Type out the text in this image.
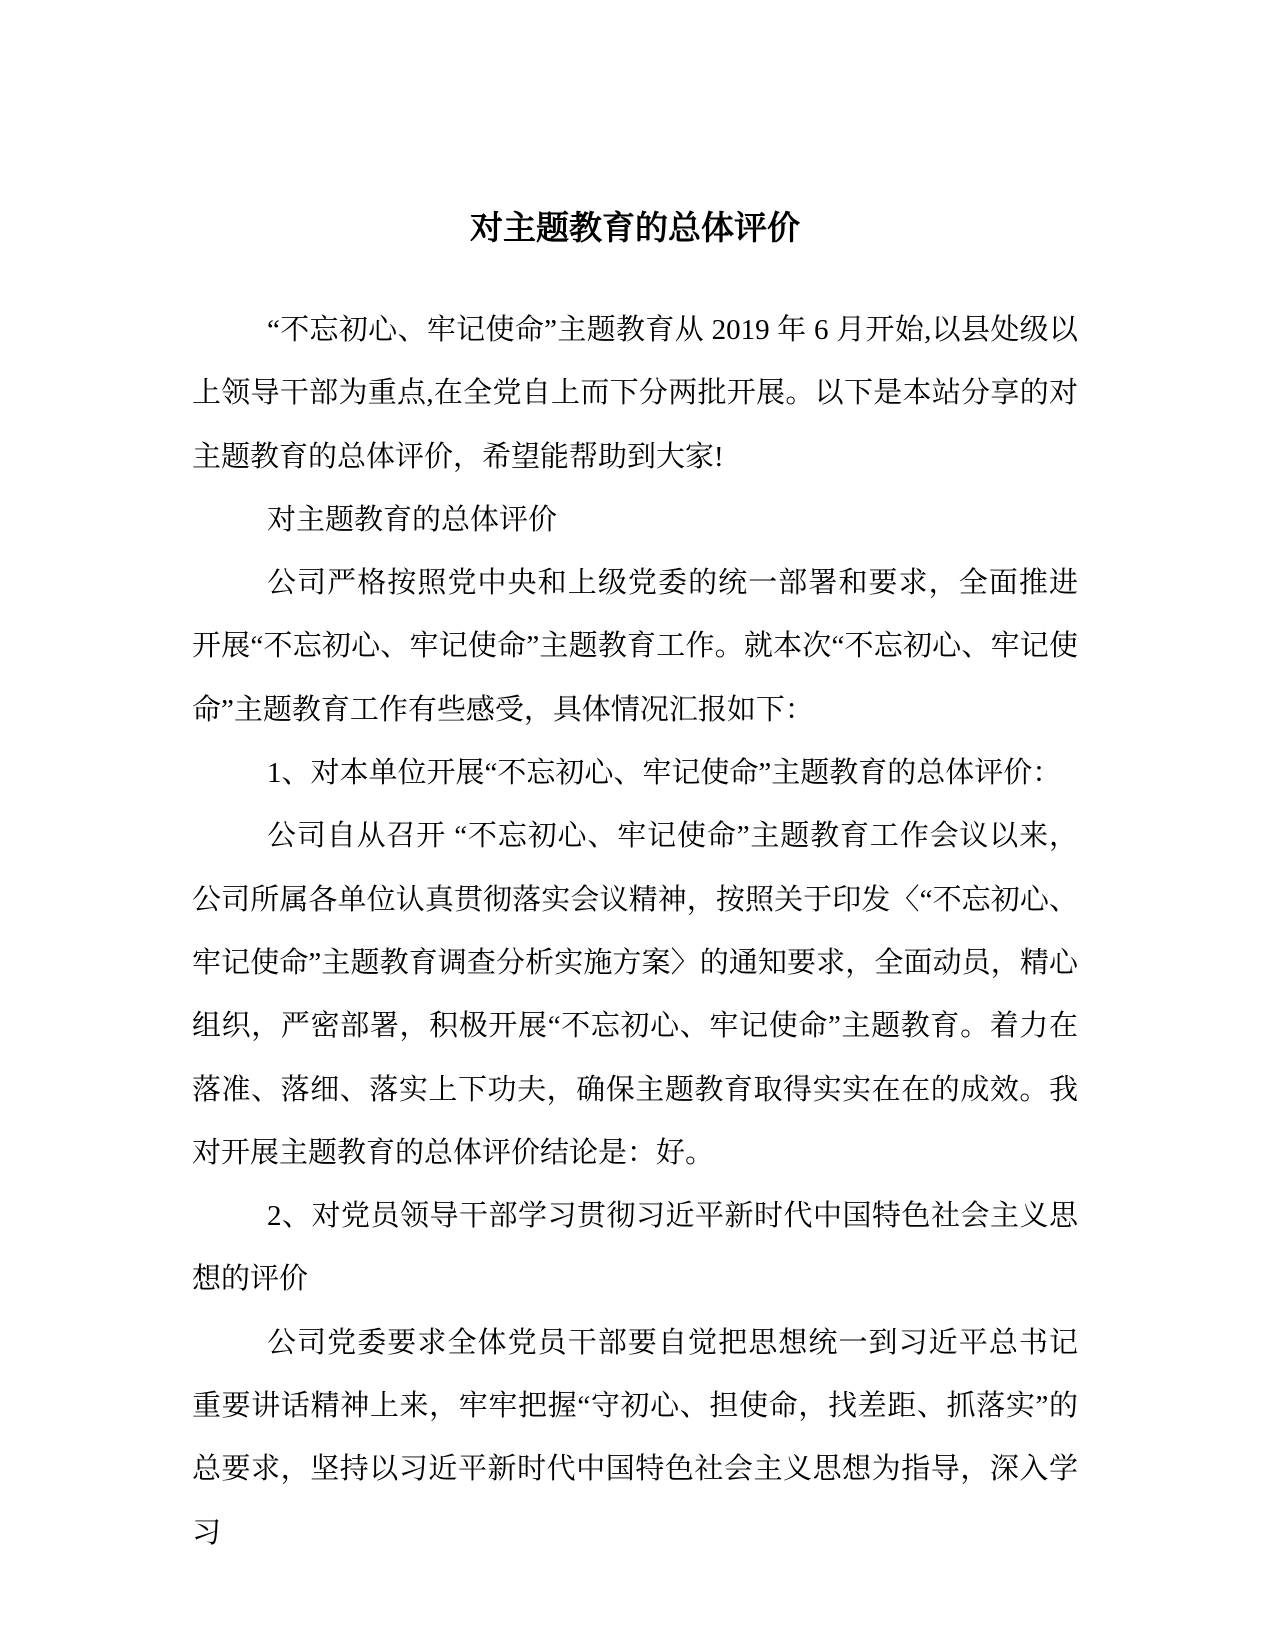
对主题教育的总体评价

“不忘初心、牢记使命”主题教育从 2019 年 6 月开始,以县处级以上领导干部为重点,在全党自上而下分两批开展。以下是本站分享的对主题教育的总体评价，希望能帮助到大家!

对主题教育的总体评价

公司严格按照党中央和上级党委的统一部署和要求，全面推进开展“不忘初心、牢记使命”主题教育工作。就本次“不忘初心、牢记使命”主题教育工作有些感受，具体情况汇报如下：

1、对本单位开展“不忘初心、牢记使命”主题教育的总体评价：

公司自从召开 “不忘初心、牢记使命”主题教育工作会议以来，公司所属各单位认真贯彻落实会议精神，按照关于印发〈“不忘初心、牢记使命”主题教育调查分析实施方案〉的通知要求，全面动员，精心组织，严密部署，积极开展“不忘初心、牢记使命”主题教育。着力在落准、落细、落实上下功夫，确保主题教育取得实实在在的成效。我对开展主题教育的总体评价结论是：好。

2、对党员领导干部学习贯彻习近平新时代中国特色社会主义思想的评价

公司党委要求全体党员干部要自觉把思想统一到习近平总书记重要讲话精神上来，牢牢把握“守初心、担使命，找差距、抓落实”的总要求，坚持以习近平新时代中国特色社会主义思想为指导，深入学习
